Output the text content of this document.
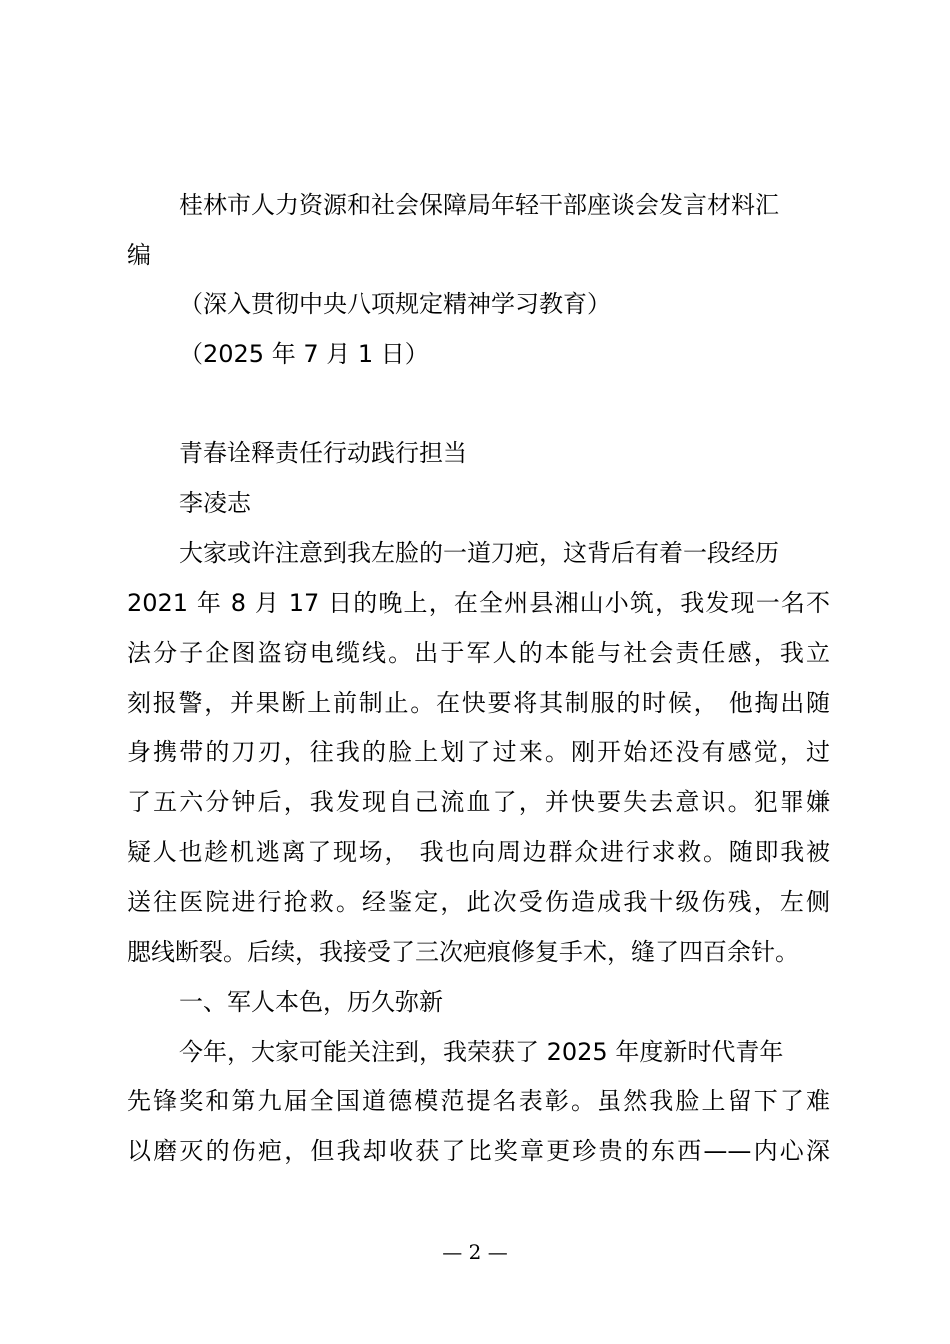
桂林市人力资源和社会保障局年轻干部座谈会发言材料汇
编
（深入贯彻中央八项规定精神学习教育）
（2025 年 7 月 1 日）
青春诠释责任行动践行担当
李凌志
大家或许注意到我左脸的一道刀疤，这背后有着一段经历
2021 年 8 月 17 日的晚上，在全州县湘山小筑，我发现一名不
法分子企图盗窃电缆线。出于军人的本能与社会责任感，我立
刻报警，并果断上前制止。在快要将其制服的时候， 他掏出随
身携带的刀刃，往我的脸上划了过来。刚开始还没有感觉，过
了五六分钟后，我发现自己流血了，并快要失去意识。犯罪嫌
疑人也趁机逃离了现场， 我也向周边群众进行求救。随即我被
送往医院进行抢救。经鉴定，此次受伤造成我十级伤残，左侧
腮线断裂。后续，我接受了三次疤痕修复手术，缝了四百余针。
一、军人本色，历久弥新
今年，大家可能关注到，我荣获了 2025 年度新时代青年
先锋奖和第九届全国道德模范提名表彰。虽然我脸上留下了难
以磨灭的伤疤，但我却收获了比奖章更珍贵的东西——内心深
— 2 —
